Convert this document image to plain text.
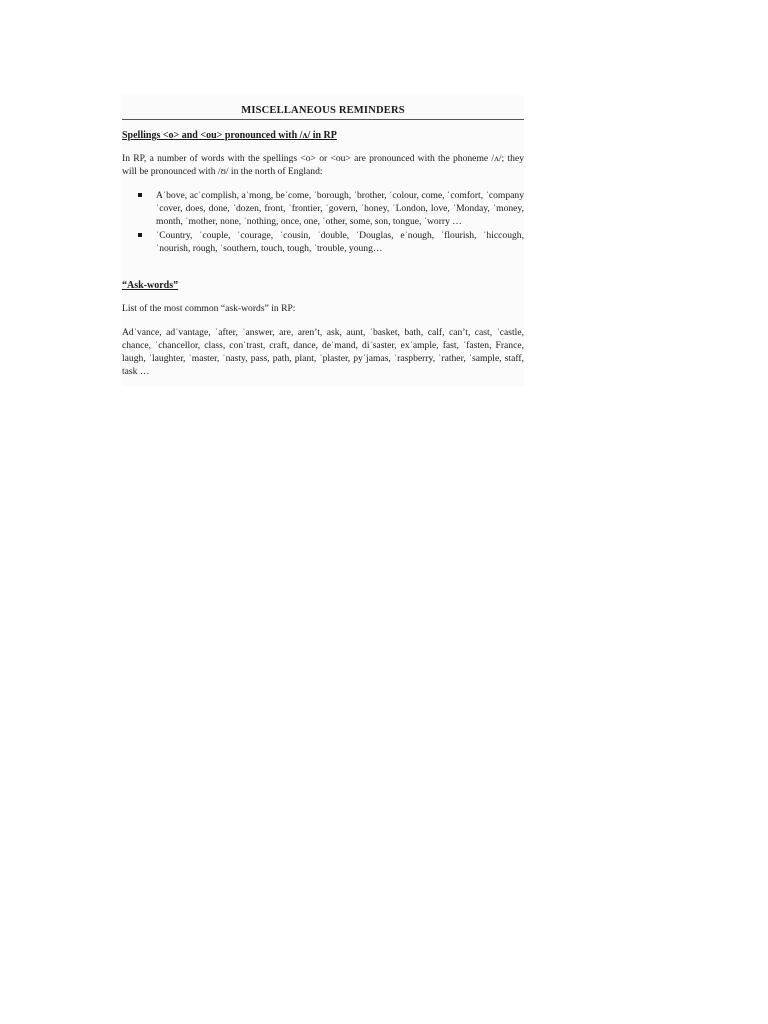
MISCELLANEOUS REMINDERS
Spellings <o> and <ou> pronounced with /ʌ/ in RP

In RP, a number of words with the spellings <o> or <ou> are pronounced with the phoneme /ʌ/; they will be pronounced with /ʊ/ in the north of England:

Aˈbove, acˈcomplish, aˈmong, beˈcome, ˈborough, ˈbrother, ˈcolour, come, ˈcomfort, ˈcompany ˈcover, does, done, ˈdozen, front, ˈfrontier, ˈgovern, ˈhoney, ˈLondon, love, ˈMonday, ˈmoney, month, ˈmother, none, ˈnothing, once, one, ˈother, some, son, tongue, ˈworry …
ˈCountry, ˈcouple, ˈcourage, ˈcousin, ˈdouble, ˈDouglas, eˈnough, ˈflourish, ˈhiccough, ˈnourish, rough, ˈsouthern, touch, tough, ˈtrouble, young…
“Ask-words”

List of the most common “ask-words” in RP:

Adˈvance, adˈvantage, ˈafter, ˈanswer, are, aren’t, ask, aunt, ˈbasket, bath, calf, can’t, cast, ˈcastle, chance, ˈchancellor, class, conˈtrast, craft, dance, deˈmand, diˈsaster, exˈample, fast, ˈfasten, France, laugh, ˈlaughter, ˈmaster, ˈnasty, pass, path, plant, ˈplaster, pyˈjamas, ˈraspberry, ˈrather, ˈsample, staff, task …
